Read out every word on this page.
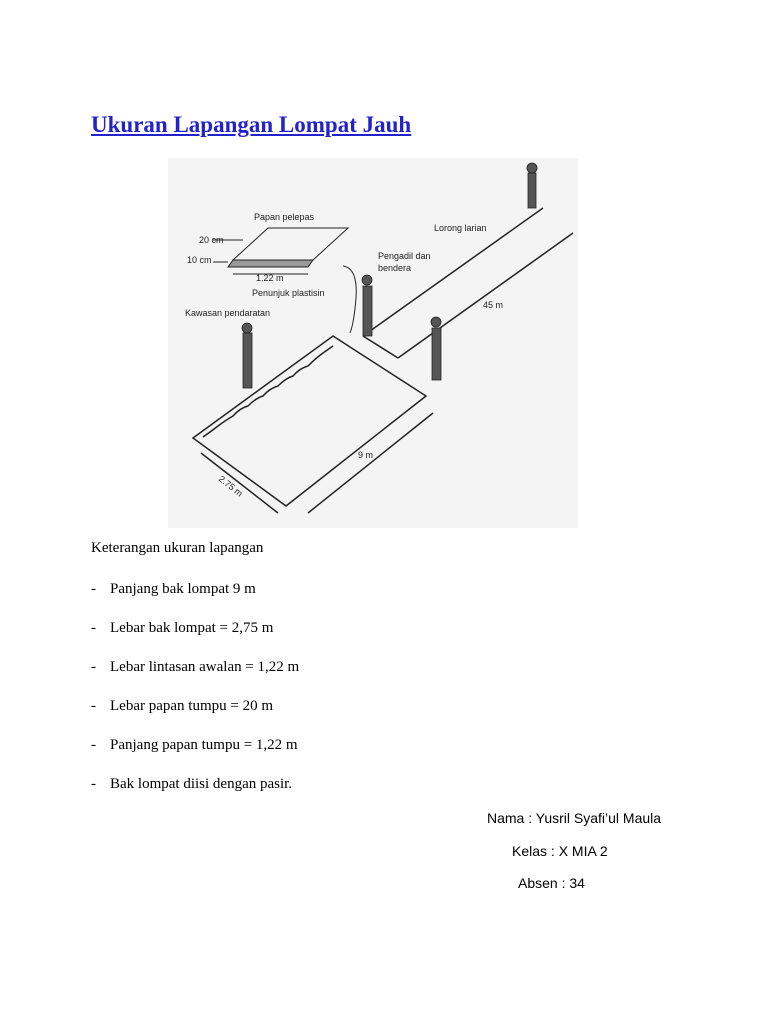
Ukuran Lapangan Lompat Jauh
Papan pelepas
20 cm
10 cm
1.22 m
Penunjuk plastisin
Kawasan pendaratan
Lorong larian
Pengadil dan
bendera
45 m
9 m
2.75 m

Keterangan ukuran lapangan

- Panjang bak lompat 9 m
- Lebar bak lompat = 2,75 m
- Lebar lintasan awalan = 1,22 m
- Lebar papan tumpu = 20 m
- Panjang papan tumpu = 1,22 m
- Bak lompat diisi dengan pasir.
Nama : Yusril Syafi’ul Maula
Kelas : X MIA 2
Absen : 34
